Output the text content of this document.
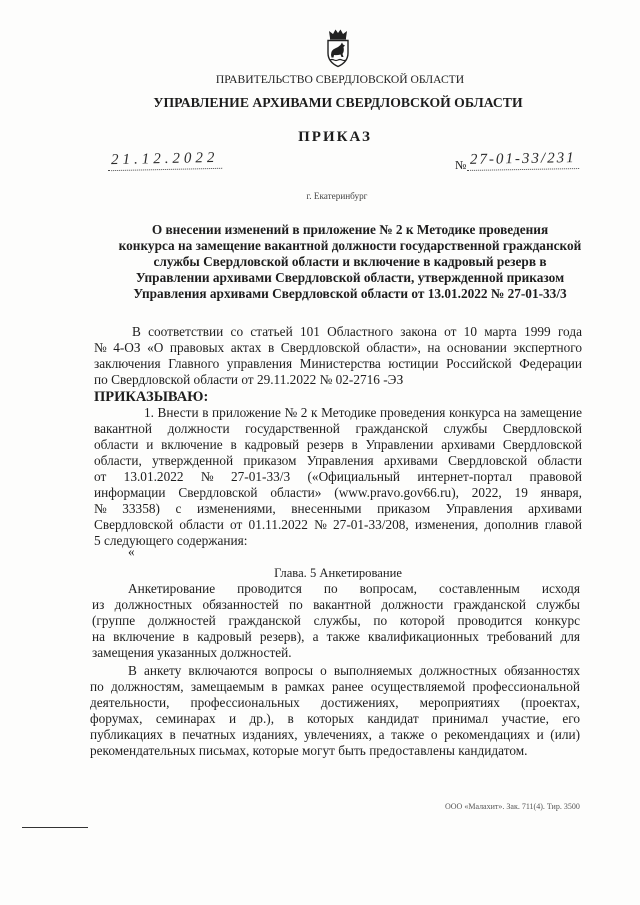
ПРАВИТЕЛЬСТВО СВЕРДЛОВСКОЙ ОБЛАСТИ
УПРАВЛЕНИЕ АРХИВАМИ СВЕРДЛОВСКОЙ ОБЛАСТИ
ПРИКАЗ
21.12.2022	№ 27-01-33/231
г. Екатеринбург
О внесении изменений в приложение № 2 к Методике проведения
конкурса на замещение вакантной должности государственной гражданской
службы Свердловской области и включение в кадровый резерв в
Управлении архивами Свердловской области, утвержденной приказом
Управления архивами Свердловской области от 13.01.2022 № 27-01-33/3
В соответствии со статьей 101 Областного закона от 10 марта 1999 года
№ 4-ОЗ «О правовых актах в Свердловской области», на основании экспертного
заключения Главного управления Министерства юстиции Российской Федерации
по Свердловской области от 29.11.2022 № 02-2716 -ЭЗ
ПРИКАЗЫВАЮ:
1. Внести в приложение № 2 к Методике проведения конкурса на замещение
вакантной должности государственной гражданской службы Свердловской
области и включение в кадровый резерв в Управлении архивами Свердловской
области, утвержденной приказом Управления архивами Свердловской области
от 13.01.2022 № 27-01-33/3 («Официальный интернет-портал правовой
информации Свердловской области» (www.pravo.gov66.ru), 2022, 19 января,
№ 33358) с изменениями, внесенными приказом Управления архивами
Свердловской области от 01.11.2022 № 27-01-33/208, изменения, дополнив главой
5 следующего содержания:
«
Глава. 5 Анкетирование
Анкетирование проводится по вопросам, составленным исходя
из должностных обязанностей по вакантной должности гражданской службы
(группе должностей гражданской службы, по которой проводится конкурс
на включение в кадровый резерв), а также квалификационных требований для
замещения указанных должностей.
В анкету включаются вопросы о выполняемых должностных обязанностях
по должностям, замещаемым в рамках ранее осуществляемой профессиональной
деятельности, профессиональных достижениях, мероприятиях (проектах,
форумах, семинарах и др.), в которых кандидат принимал участие, его
публикациях в печатных изданиях, увлечениях, а также о рекомендациях и (или)
рекомендательных письмах, которые могут быть предоставлены кандидатом.
ООО «Малахит». Зак. 711(4). Тир. 3500
